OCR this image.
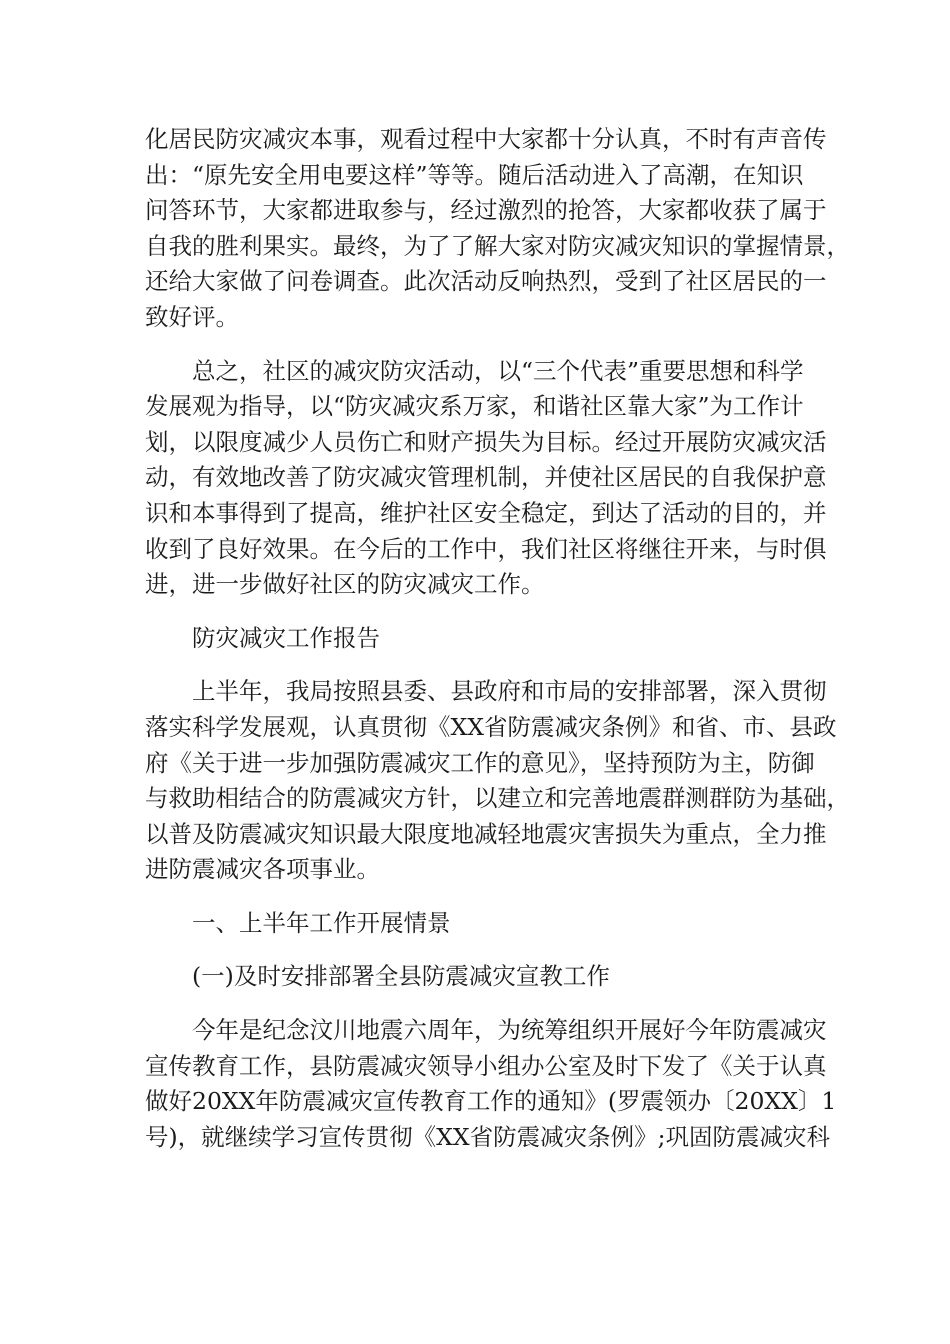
化居民防灾减灾本事，观看过程中大家都十分认真，不时有声音传
出：“原先安全用电要这样”等等。随后活动进入了高潮，在知识
问答环节，大家都进取参与，经过激烈的抢答，大家都收获了属于
自我的胜利果实。最终，为了了解大家对防灾减灾知识的掌握情景，
还给大家做了问卷调查。此次活动反响热烈，受到了社区居民的一
致好评。
　　总之，社区的减灾防灾活动，以“三个代表”重要思想和科学
发展观为指导，以“防灾减灾系万家，和谐社区靠大家”为工作计
划，以限度减少人员伤亡和财产损失为目标。经过开展防灾减灾活
动，有效地改善了防灾减灾管理机制，并使社区居民的自我保护意
识和本事得到了提高，维护社区安全稳定，到达了活动的目的，并
收到了良好效果。在今后的工作中，我们社区将继往开来，与时俱
进，进一步做好社区的防灾减灾工作。
　　防灾减灾工作报告
　　上半年，我局按照县委、县政府和市局的安排部署，深入贯彻
落实科学发展观，认真贯彻《XX省防震减灾条例》和省、市、县政
府《关于进一步加强防震减灾工作的意见》，坚持预防为主，防御
与救助相结合的防震减灾方针，以建立和完善地震群测群防为基础，
以普及防震减灾知识最大限度地减轻地震灾害损失为重点，全力推
进防震减灾各项事业。
　　一、上半年工作开展情景
　　(一)及时安排部署全县防震减灾宣教工作
　　今年是纪念汶川地震六周年，为统筹组织开展好今年防震减灾
宣传教育工作，县防震减灾领导小组办公室及时下发了《关于认真
做好20XX年防震减灾宣传教育工作的通知》(罗震领办〔20XX〕1
号)，就继续学习宣传贯彻《XX省防震减灾条例》;巩固防震减灾科
